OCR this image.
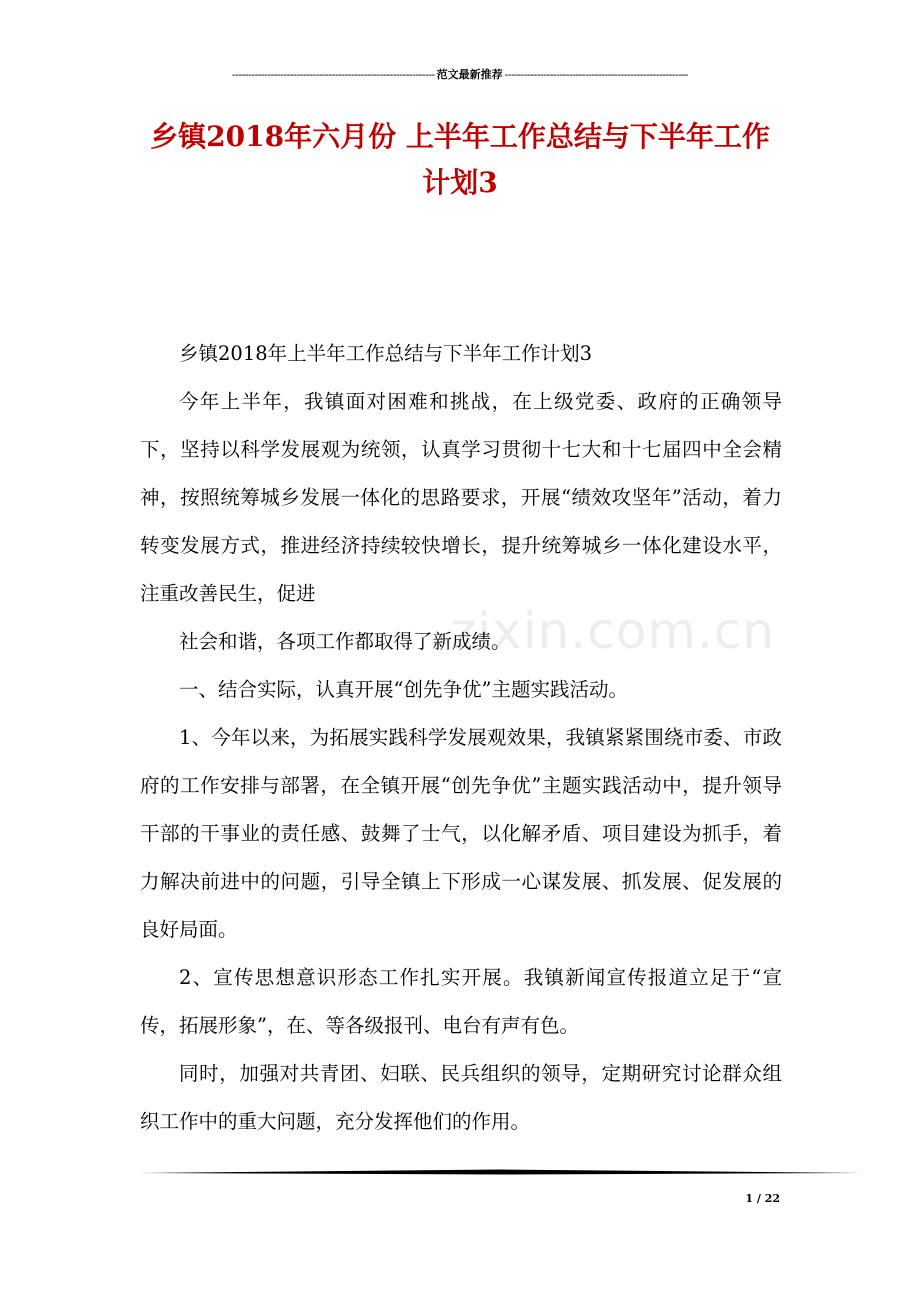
--------------------------------------------------------------- 范文最新推荐 ---------------------------------------------------------
乡镇2018年六月份 上半年工作总结与下半年工作
计划3

乡镇2018年上半年工作总结与下半年工作计划3

今年上半年，我镇面对困难和挑战，在上级党委、政府的正确领导下，坚持以科学发展观为统领，认真学习贯彻十七大和十七届四中全会精神，按照统筹城乡发展一体化的思路要求，开展“绩效攻坚年”活动，着力转变发展方式，推进经济持续较快增长，提升统筹城乡一体化建设水平，注重改善民生，促进

社会和谐，各项工作都取得了新成绩。

一、结合实际，认真开展“创先争优”主题实践活动。

1、今年以来，为拓展实践科学发展观效果，我镇紧紧围绕市委、市政府的工作安排与部署，在全镇开展“创先争优”主题实践活动中，提升领导干部的干事业的责任感、鼓舞了士气，以化解矛盾、项目建设为抓手，着力解决前进中的问题，引导全镇上下形成一心谋发展、抓发展、促发展的良好局面。

2、宣传思想意识形态工作扎实开展。我镇新闻宣传报道立足于“宣传，拓展形象”，在、等各级报刊、电台有声有色。

同时，加强对共青团、妇联、民兵组织的领导，定期研究讨论群众组织工作中的重大问题，充分发挥他们的作用。

zixin.com.cn
1 / 22
